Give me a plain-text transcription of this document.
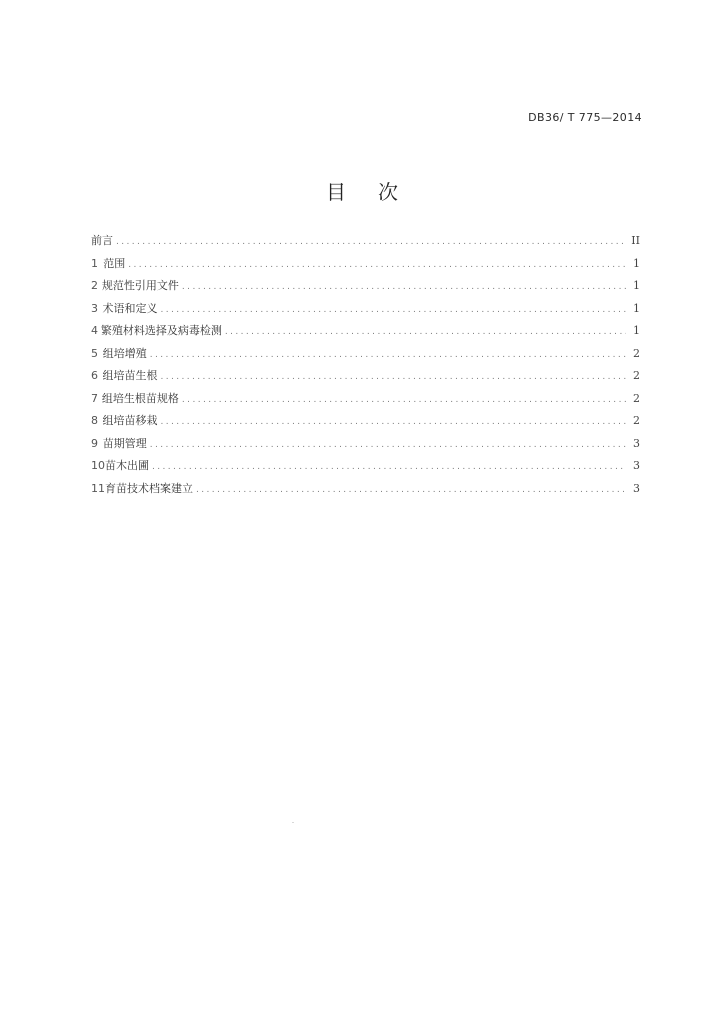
DB36/ T 775—2014
目次
前言 .....	II
1 范围 .....	1
2 规范性引用文件 .....	1
3 术语和定义 .....	1
4 繁殖材料选择及病毒检测 .....	1
5 组培增殖 .....	2
6 组培苗生根 .....	2
7 组培生根苗规格 .....	2
8 组培苗移栽 .....	2
9 苗期管理 .....	3
10 苗木出圃 .....	3
11 育苗技术档案建立 .....	3
